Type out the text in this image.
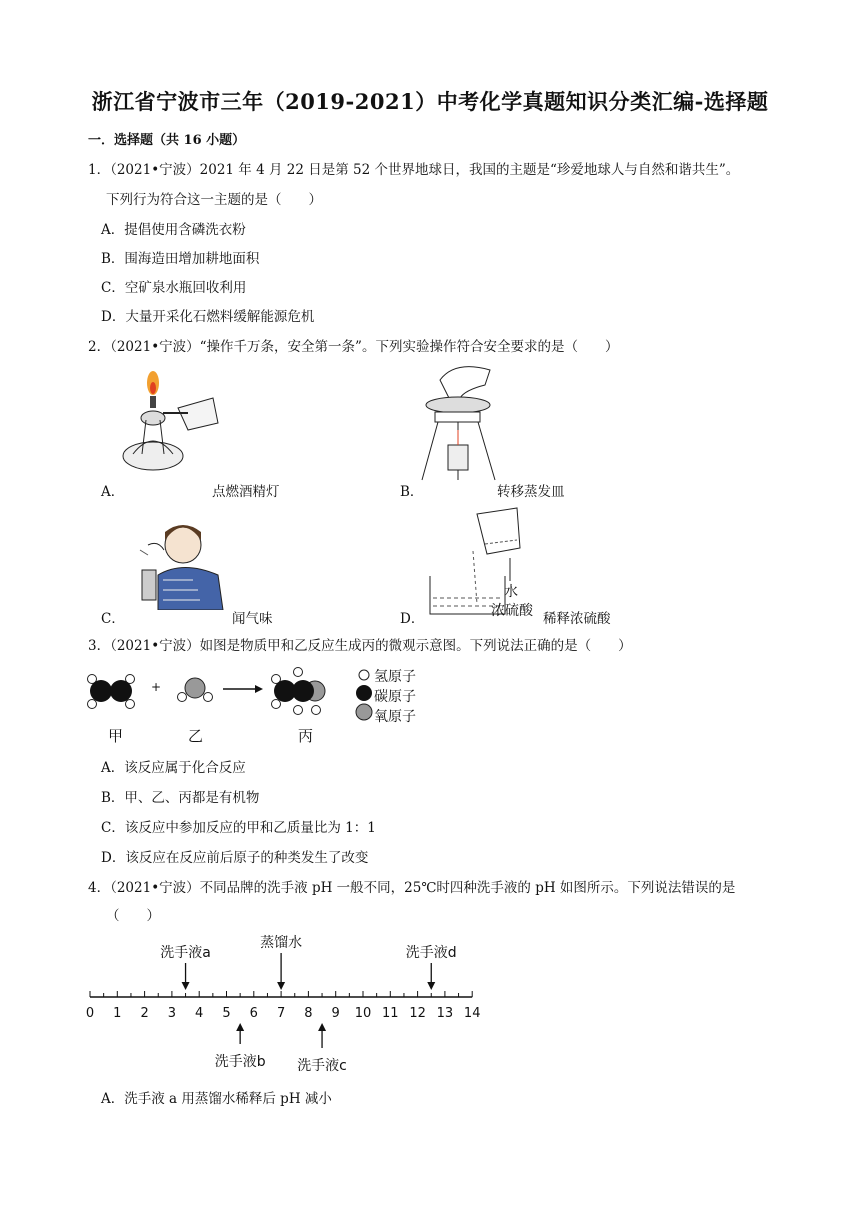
浙江省宁波市三年（2019-2021）中考化学真题知识分类汇编-选择题
一．选择题（共 16 小题）
1．（2021•宁波）2021 年 4 月 22 日是第 52 个世界地球日，我国的主题是“珍爱地球人与自然和谐共生”。
下列行为符合这一主题的是（　　）
A．提倡使用含磷洗衣粉
B．围海造田增加耕地面积
C．空矿泉水瓶回收利用
D．大量开采化石燃料缓解能源危机
2．（2021•宁波）“操作千万条，安全第一条”。下列实验操作符合安全要求的是（　　）
A．	点燃酒精灯	B．	转移蒸发皿
C．	闻气味
水
浓硫酸
D．	稀释浓硫酸
3．（2021•宁波）如图是物质甲和乙反应生成丙的微观示意图。下列说法正确的是（　　）
+
氢原子
碳原子
氧原子
甲	乙	丙
A．该反应属于化合反应
B．甲、乙、丙都是有机物
C．该反应中参加反应的甲和乙质量比为 1：1
D．该反应在反应前后原子的种类发生了改变
4．（2021•宁波）不同品牌的洗手液 pH 一般不同，25℃时四种洗手液的 pH 如图所示。下列说法错误的是
（　　）
0 1 2 3 4 5 6 7 8 9 10 11 12 13 14
洗手液a
蒸馏水
洗手液d
洗手液b 洗手液c
A．洗手液 a 用蒸馏水稀释后 pH 减小
